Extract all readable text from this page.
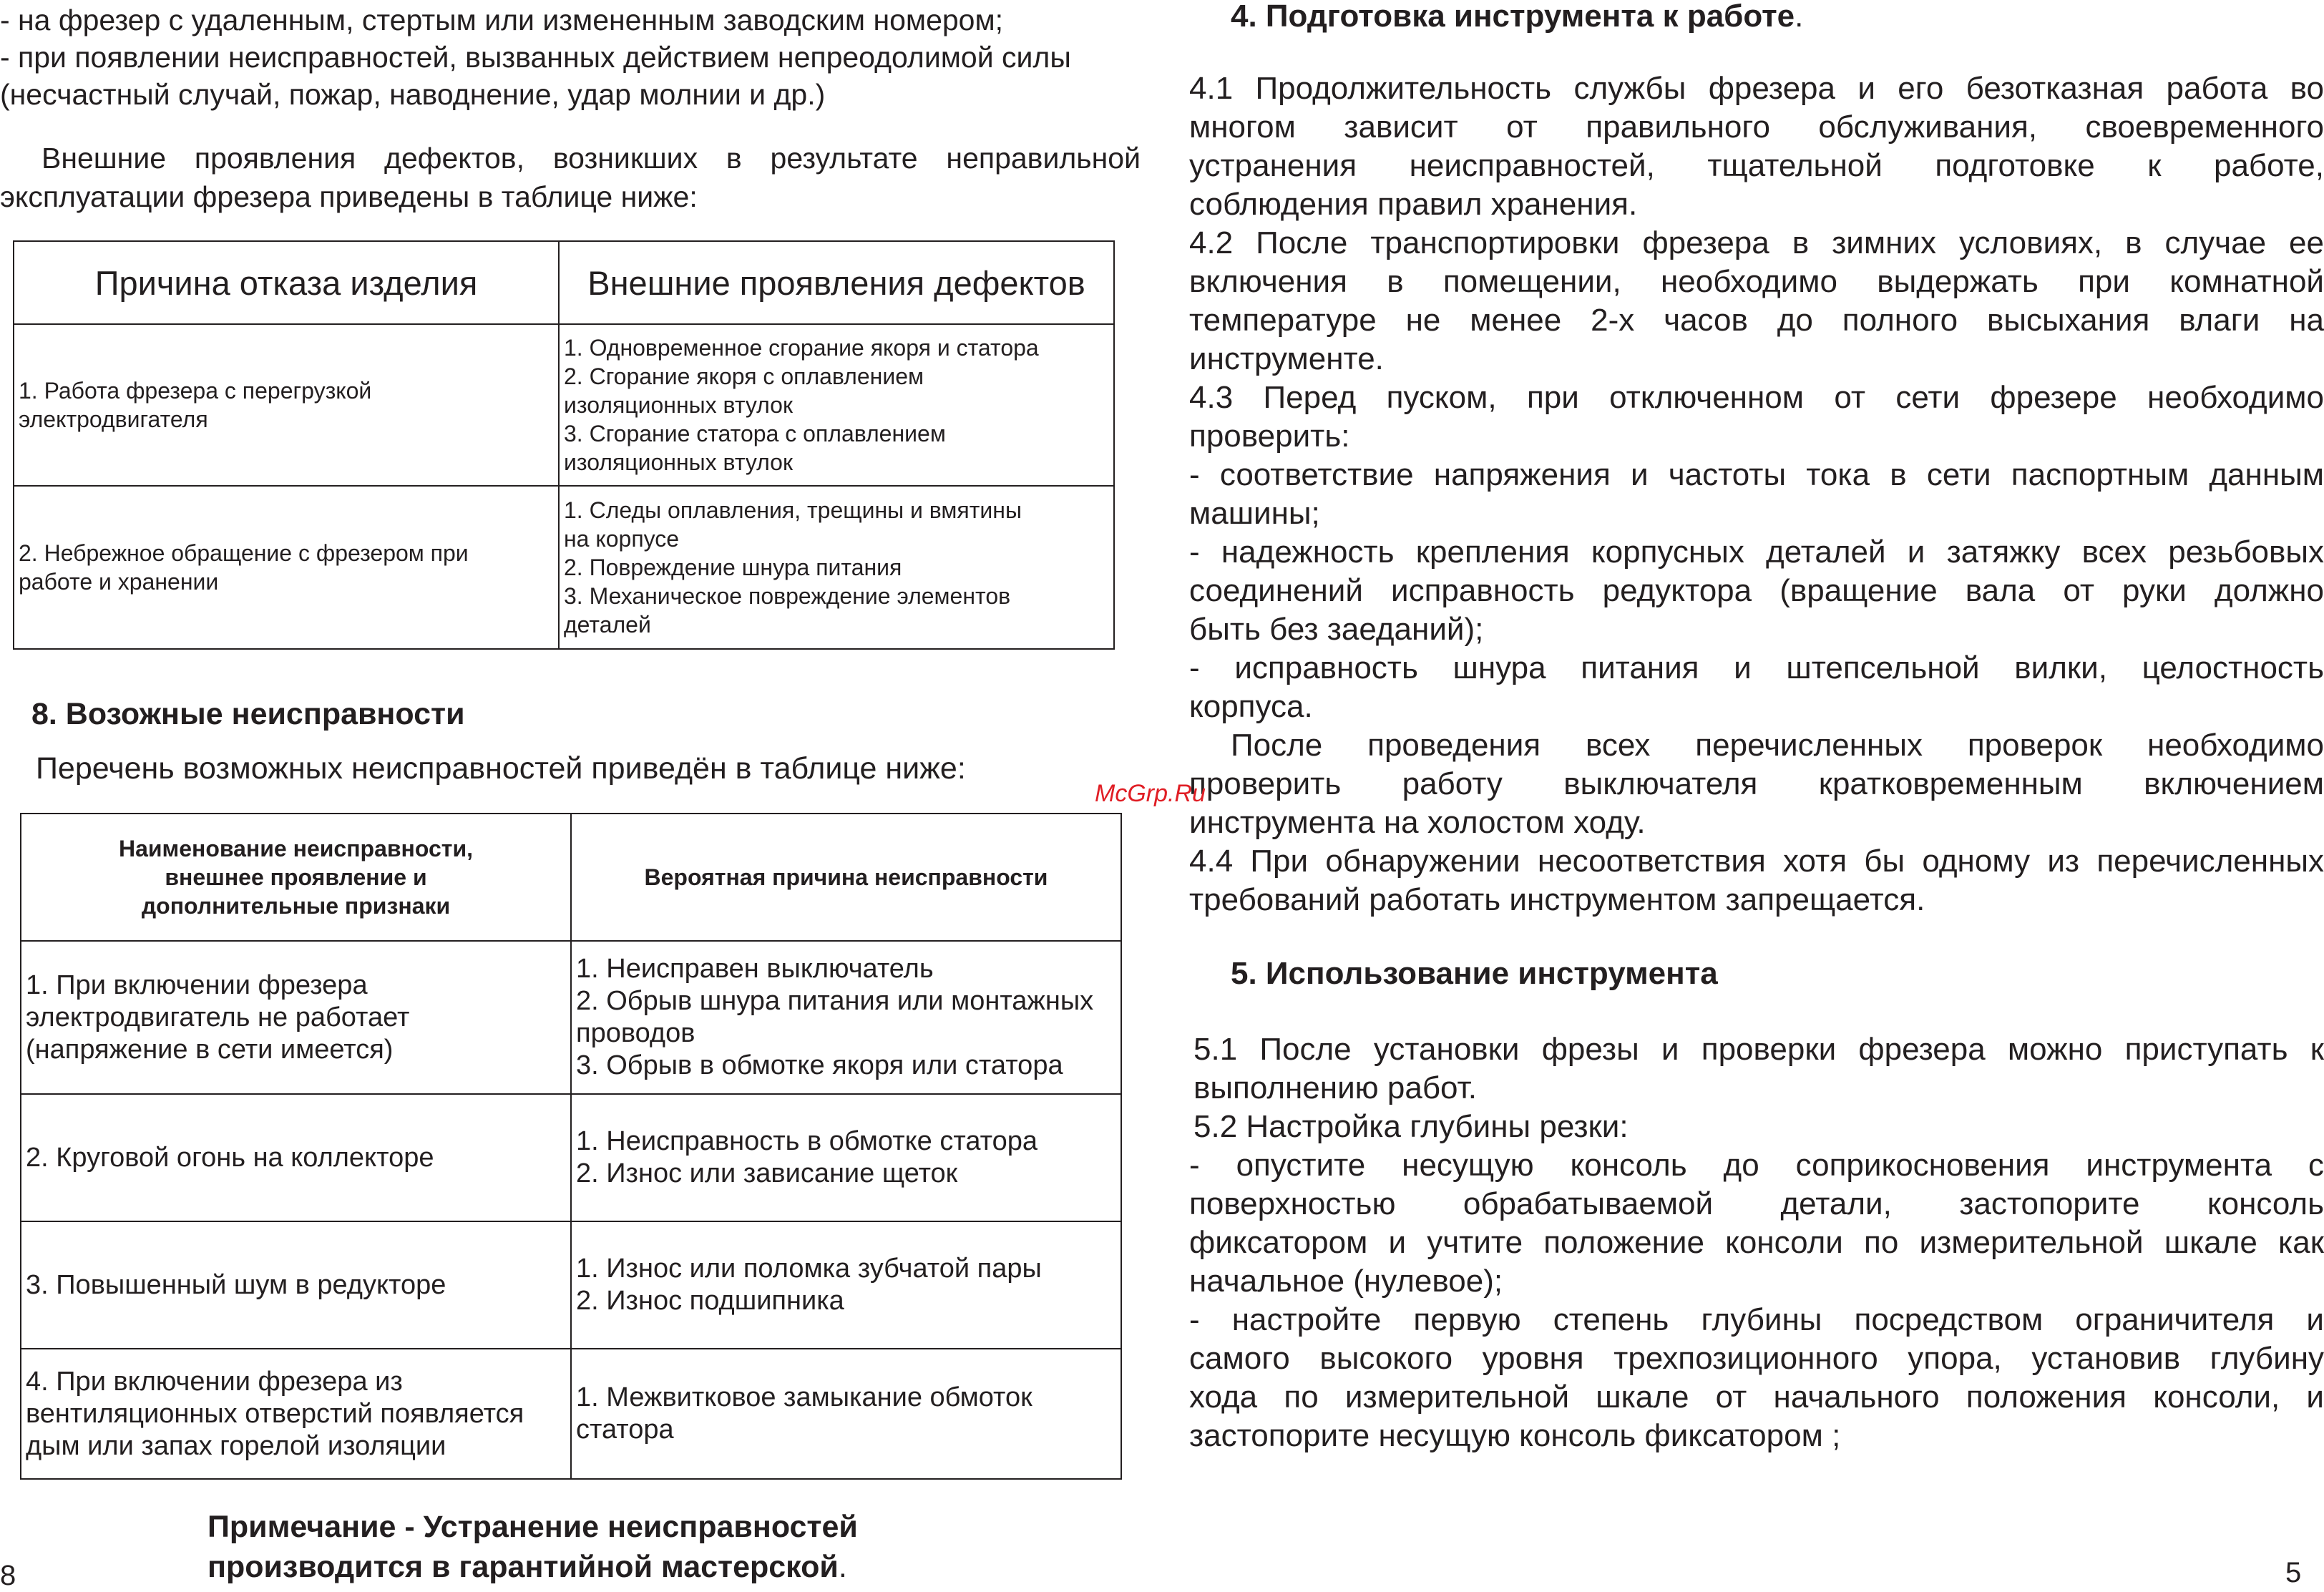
- на фрезер с удаленным, стертым или измененным заводским номером;
- при появлении неисправностей, вызванных действием непреодолимой силы
(несчастный случай, пожар, наводнение, удар молнии и др.)
Внешние проявления дефектов, возникших в результате неправильной
эксплуатации фрезера приведены в таблице ниже:
Причина отказа изделия	Внешние проявления дефектов

1. Работа фрезера с перегрузкой
электродвигателя	1. Одновременное сгорание якоря и статора
2. Сгорание якоря с оплавлением
изоляционных втулок
3. Сгорание статора с оплавлением
изоляционных втулок

2. Небрежное обращение с фрезером при
работе и хранении	1. Следы оплавления, трещины и вмятины
на корпусе
2. Повреждение шнура питания
3. Механическое повреждение элементов
деталей
8. Возожные неисправности
Перечень возможных неисправностей приведён в таблице ниже:
Наименование неисправности,
внешнее проявление и
дополнительные признаки	Вероятная причина неисправности

1. При включении фрезера
электродвигатель не работает
(напряжение в сети имеется)	1. Неисправен выключатель
2. Обрыв шнура питания или монтажных
проводов
3. Обрыв в обмотке якоря или статора

2. Круговой огонь на коллекторе	1. Неисправность в обмотке статора
2. Износ или зависание щеток

3. Повышенный шум в редукторе	1. Износ или поломка зубчатой пары
2. Износ подшипника

4. При включении фрезера из
вентиляционных отверстий появляется
дым или запах горелой изоляции	1. Межвитковое замыкание обмоток
статора
Примечание - Устранение неисправностей
производится в гарантийной мастерской.
8
4. Подготовка инструмента к работе.
4.1 Продолжительность службы фрезера и его безотказная работа во
многом зависит от правильного обслуживания, своевременного
устранения неисправностей, тщательной подготовке к работе,
соблюдения правил хранения.
4.2 После транспортировки фрезера в зимних условиях, в случае ее
включения в помещении, необходимо выдержать при комнатной
температуре не менее 2-х часов до полного высыхания влаги на
инструменте.
4.3 Перед пуском, при отключенном от сети фрезере необходимо
проверить:
- соответствие напряжения и частоты тока в сети паспортным данным
машины;
- надежность крепления корпусных деталей и затяжку всех резьбовых
соединений исправность редуктора (вращение вала от руки должно
быть без заеданий);
- исправность шнура питания и штепсельной вилки, целостность
корпуса.
После проведения всех перечисленных проверок необходимо
проверить работу выключателя кратковременным включением
инструмента на холостом ходу.
4.4 При обнаружении несоответствия хотя бы одному из перечисленных
требований работать инструментом запрещается.
5. Использование инструмента
5.1 После установки фрезы и проверки фрезера можно приступать к
выполнению работ.
5.2 Настройка глубины резки:
- опустите несущую консоль до соприкосновения инструмента с
поверхностью обрабатываемой детали, застопорите консоль
фиксатором и учтите положение консоли по измерительной шкале как
начальное (нулевое);
- настройте первую степень глубины посредством ограничителя и
самого высокого уровня трехпозиционного упора, установив глубину
хода по измерительной шкале от начального положения консоли, и
застопорите несущую консоль фиксатором ;
5
McGrp.Ru
